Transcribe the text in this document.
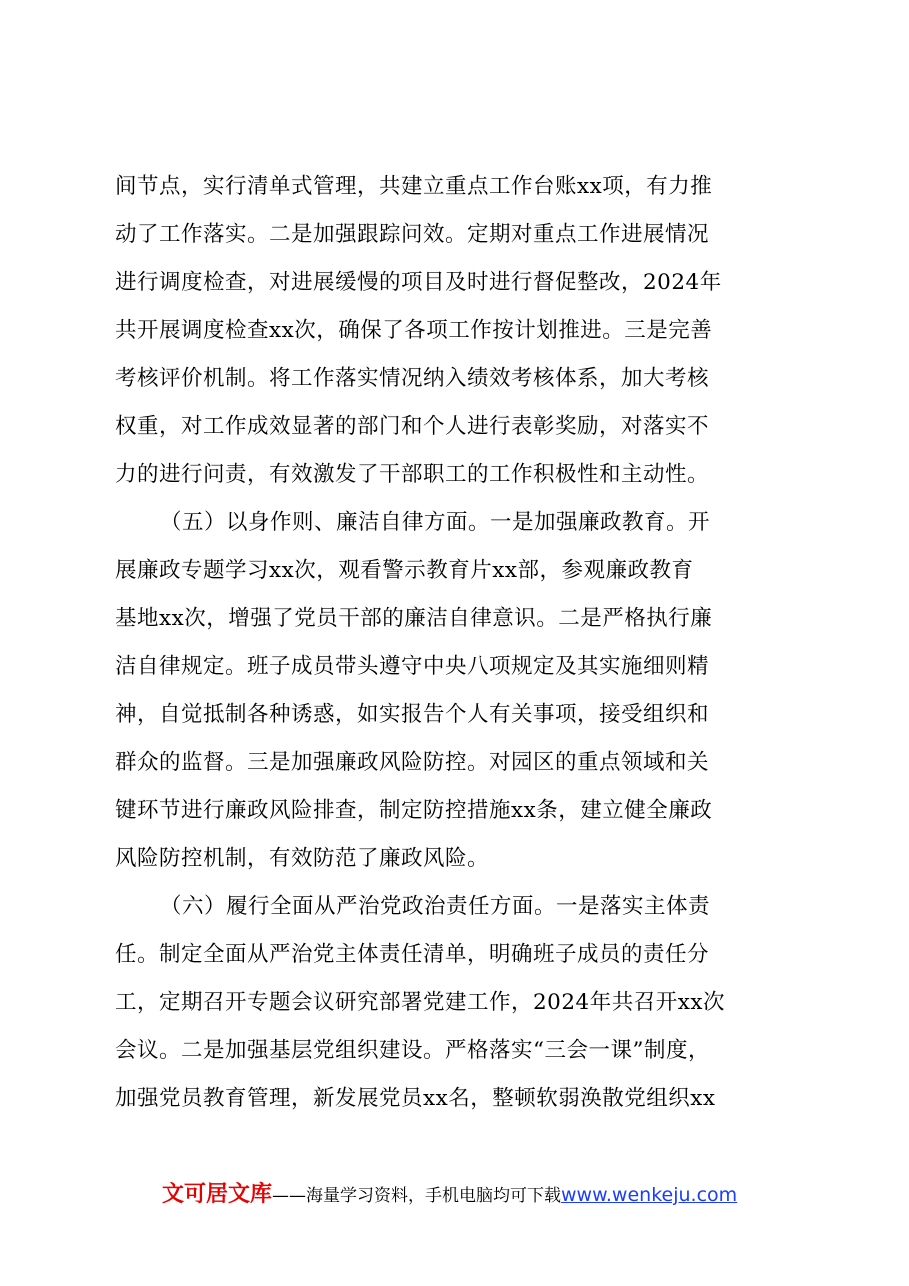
间节点，实行清单式管理，共建立重点工作台账xx项，有力推
动了工作落实。二是加强跟踪问效。定期对重点工作进展情况
进行调度检查，对进展缓慢的项目及时进行督促整改，2024年
共开展调度检查xx次，确保了各项工作按计划推进。三是完善
考核评价机制。将工作落实情况纳入绩效考核体系，加大考核
权重，对工作成效显著的部门和个人进行表彰奖励，对落实不
力的进行问责，有效激发了干部职工的工作积极性和主动性。
（五）以身作则、廉洁自律方面。一是加强廉政教育。开
展廉政专题学习xx次，观看警示教育片xx部，参观廉政教育
基地xx次，增强了党员干部的廉洁自律意识。二是严格执行廉
洁自律规定。班子成员带头遵守中央八项规定及其实施细则精
神，自觉抵制各种诱惑，如实报告个人有关事项，接受组织和
群众的监督。三是加强廉政风险防控。对园区的重点领域和关
键环节进行廉政风险排查，制定防控措施xx条，建立健全廉政
风险防控机制，有效防范了廉政风险。
（六）履行全面从严治党政治责任方面。一是落实主体责
任。制定全面从严治党主体责任清单，明确班子成员的责任分
工，定期召开专题会议研究部署党建工作，2024年共召开xx次
会议。二是加强基层党组织建设。严格落实“三会一课”制度，
加强党员教育管理，新发展党员xx名，整顿软弱涣散党组织xx
文可居文库——海量学习资料，手机电脑均可下载www.wenkeju.com
